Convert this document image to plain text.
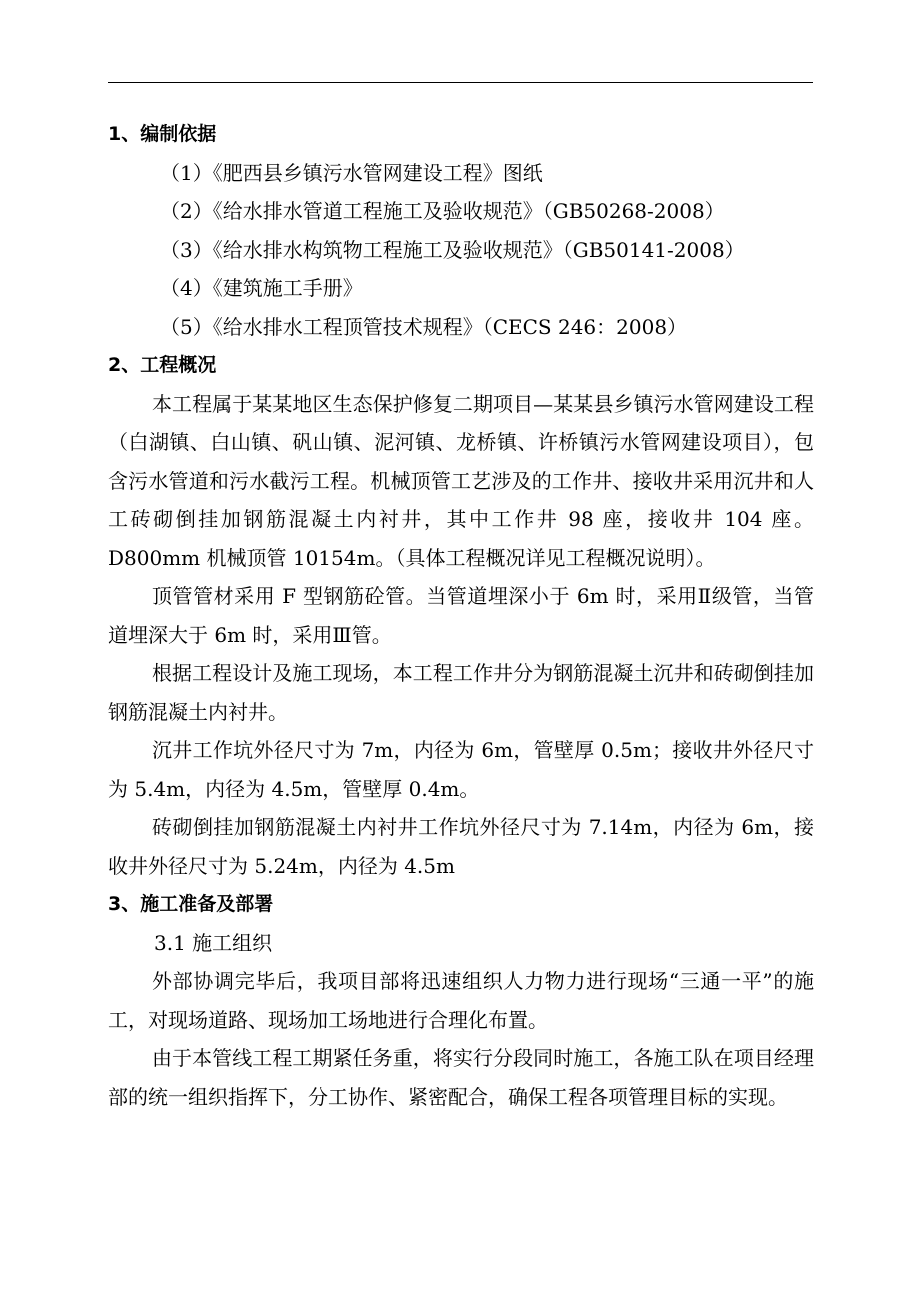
1、编制依据

（1）《肥西县乡镇污水管网建设工程》图纸

（2）《给水排水管道工程施工及验收规范》（GB50268-2008）

（3）《给水排水构筑物工程施工及验收规范》（GB50141-2008）

（4）《建筑施工手册》

（5）《给水排水工程顶管技术规程》（CECS 246：2008）

2、工程概况

本工程属于某某地区生态保护修复二期项目—某某县乡镇污水管网建设工程（白湖镇、白山镇、矾山镇、泥河镇、龙桥镇、许桥镇污水管网建设项目），包含污水管道和污水截污工程。机械顶管工艺涉及的工作井、接收井采用沉井和人工砖砌倒挂加钢筋混凝土内衬井，其中工作井 98 座，接收井 104 座。D800mm 机械顶管 10154m。（具体工程概况详见工程概况说明）。

顶管管材采用 F 型钢筋砼管。当管道埋深小于 6m 时，采用Ⅱ级管，当管道埋深大于 6m 时，采用Ⅲ管。

根据工程设计及施工现场，本工程工作井分为钢筋混凝土沉井和砖砌倒挂加钢筋混凝土内衬井。

沉井工作坑外径尺寸为 7m，内径为 6m，管壁厚 0.5m；接收井外径尺寸为 5.4m，内径为 4.5m，管壁厚 0.4m。

砖砌倒挂加钢筋混凝土内衬井工作坑外径尺寸为 7.14m，内径为 6m，接收井外径尺寸为 5.24m，内径为 4.5m

3、施工准备及部署

3.1 施工组织

外部协调完毕后，我项目部将迅速组织人力物力进行现场“三通一平”的施工，对现场道路、现场加工场地进行合理化布置。

由于本管线工程工期紧任务重，将实行分段同时施工，各施工队在项目经理部的统一组织指挥下，分工协作、紧密配合，确保工程各项管理目标的实现。
